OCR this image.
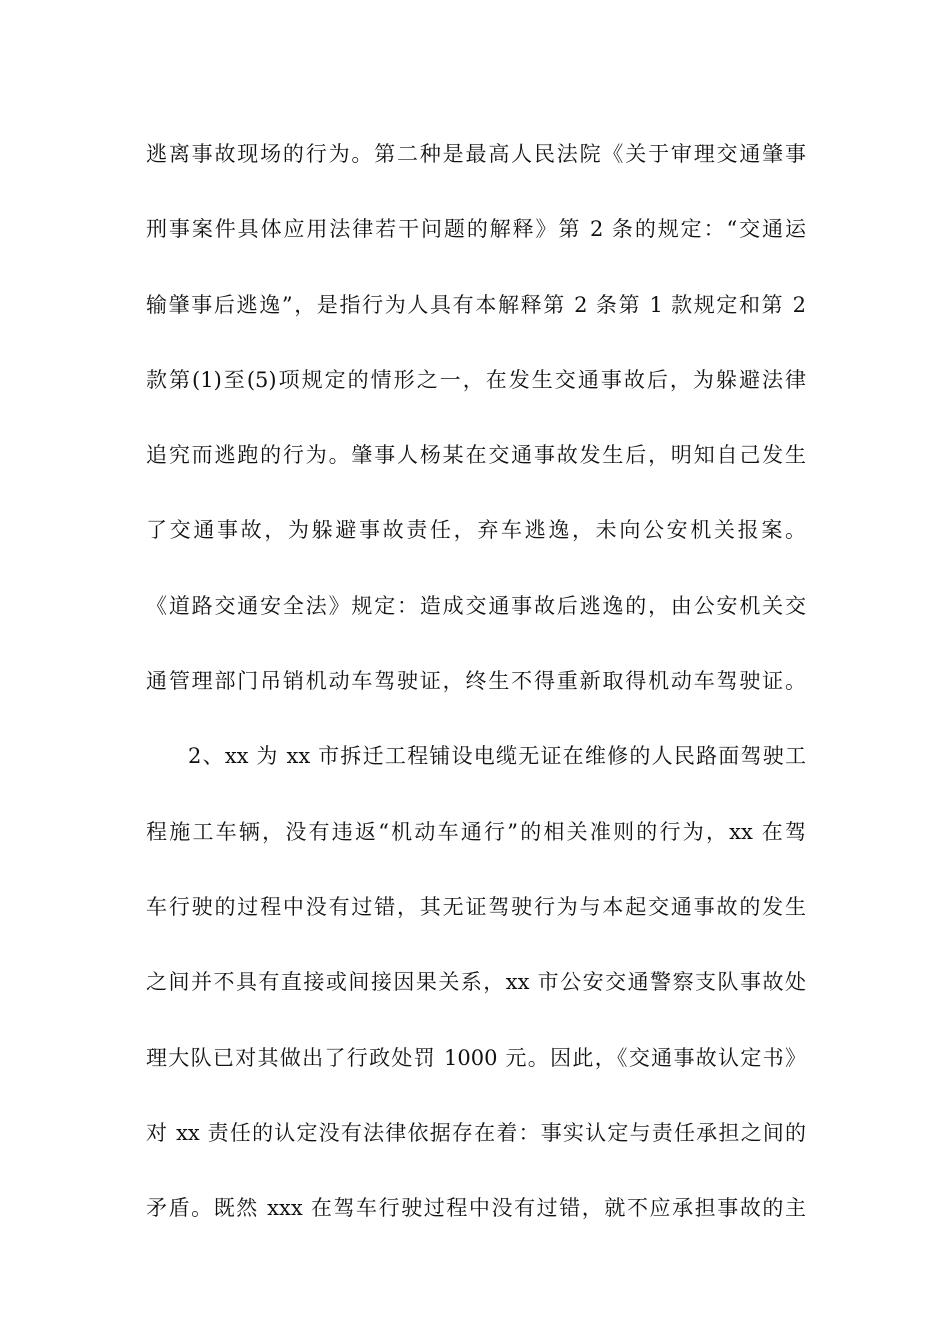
逃离事故现场的行为。第二种是最高人民法院《关于审理交通肇事
刑事案件具体应用法律若干问题的解释》第 2 条的规定：“交通运
输肇事后逃逸”，是指行为人具有本解释第 2 条第 1 款规定和第 2
款第(1)至(5)项规定的情形之一，在发生交通事故后，为躲避法律
追究而逃跑的行为。肇事人杨某在交通事故发生后，明知自己发生
了交通事故，为躲避事故责任，弃车逃逸，未向公安机关报案。
《道路交通安全法》规定：造成交通事故后逃逸的，由公安机关交
通管理部门吊销机动车驾驶证，终生不得重新取得机动车驾驶证。
2、xx 为 xx 市拆迁工程铺设电缆无证在维修的人民路面驾驶工
程施工车辆，没有违返“机动车通行”的相关准则的行为，xx 在驾
车行驶的过程中没有过错，其无证驾驶行为与本起交通事故的发生
之间并不具有直接或间接因果关系，xx 市公安交通警察支队事故处
理大队已对其做出了行政处罚 1000 元。因此，《交通事故认定书》
对 xx 责任的认定没有法律依据存在着：事实认定与责任承担之间的
矛盾。既然 xxx 在驾车行驶过程中没有过错，就不应承担事故的主
